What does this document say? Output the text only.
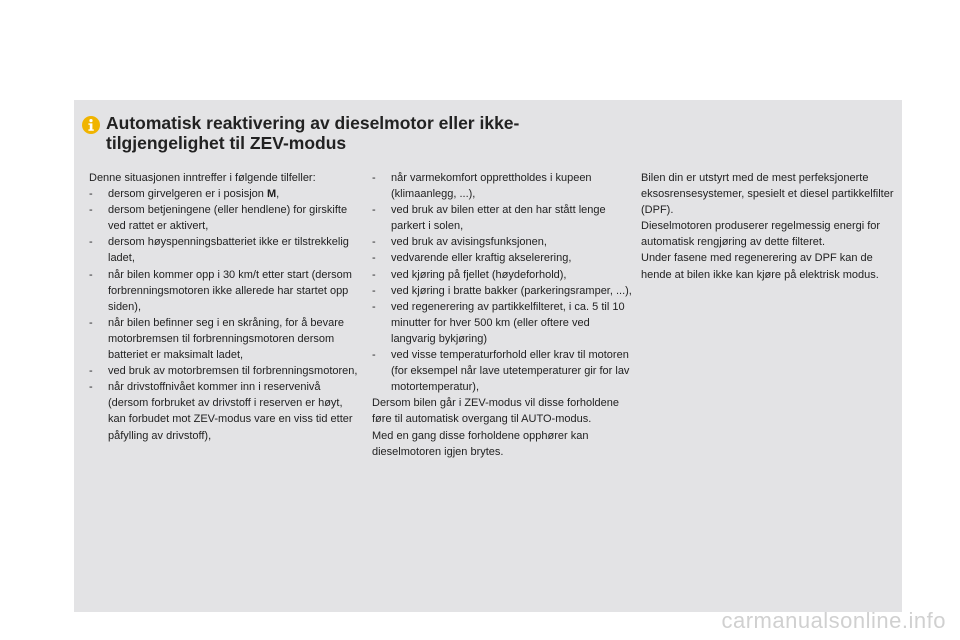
Automatisk reaktivering av dieselmotor eller ikke-tilgjengelighet til ZEV-modus

Denne situasjonen inntreffer i følgende tilfeller:

-	dersom girvelgeren er i posisjon M,
-	dersom betjeningene (eller hendlene) for girskifte ved rattet er aktivert,
-	dersom høyspenningsbatteriet ikke er tilstrekkelig ladet,
-	når bilen kommer opp i 30 km/t etter start (dersom forbrenningsmotoren ikke allerede har startet opp siden),
-	når bilen befinner seg i en skråning, for å bevare motorbremsen til forbrenningsmotoren dersom batteriet er maksimalt ladet,
-	ved bruk av motorbremsen til forbrenningsmotoren,
-	når drivstoffnivået kommer inn i reservenivå (dersom forbruket av drivstoff i reserven er høyt, kan forbudet mot ZEV-modus vare en viss tid etter påfylling av drivstoff),
-	når varmekomfort opprettholdes i kupeen (klimaanlegg, ...),
-	ved bruk av bilen etter at den har stått lenge parkert i solen,
-	ved bruk av avisingsfunksjonen,
-	vedvarende eller kraftig akselerering,
-	ved kjøring på fjellet (høydeforhold),
-	ved kjøring i bratte bakker (parkeringsramper, ...),
-	ved regenerering av partikkelfilteret, i ca. 5 til 10 minutter for hver 500 km (eller oftere ved langvarig bykjøring)
-	ved visse temperaturforhold eller krav til motoren (for eksempel når lave utetemperaturer gir for lav motortemperatur),

Dersom bilen går i ZEV-modus vil disse forholdene føre til automatisk overgang til AUTO-modus.

Med en gang disse forholdene opphører kan dieselmotoren igjen brytes.

Bilen din er utstyrt med de mest perfeksjonerte eksosrensesystemer, spesielt et diesel partikkelfilter (DPF).

Dieselmotoren produserer regelmessig energi for automatisk rengjøring av dette filteret.

Under fasene med regenerering av DPF kan de hende at bilen ikke kan kjøre på elektrisk modus.

carmanualsonline.info
